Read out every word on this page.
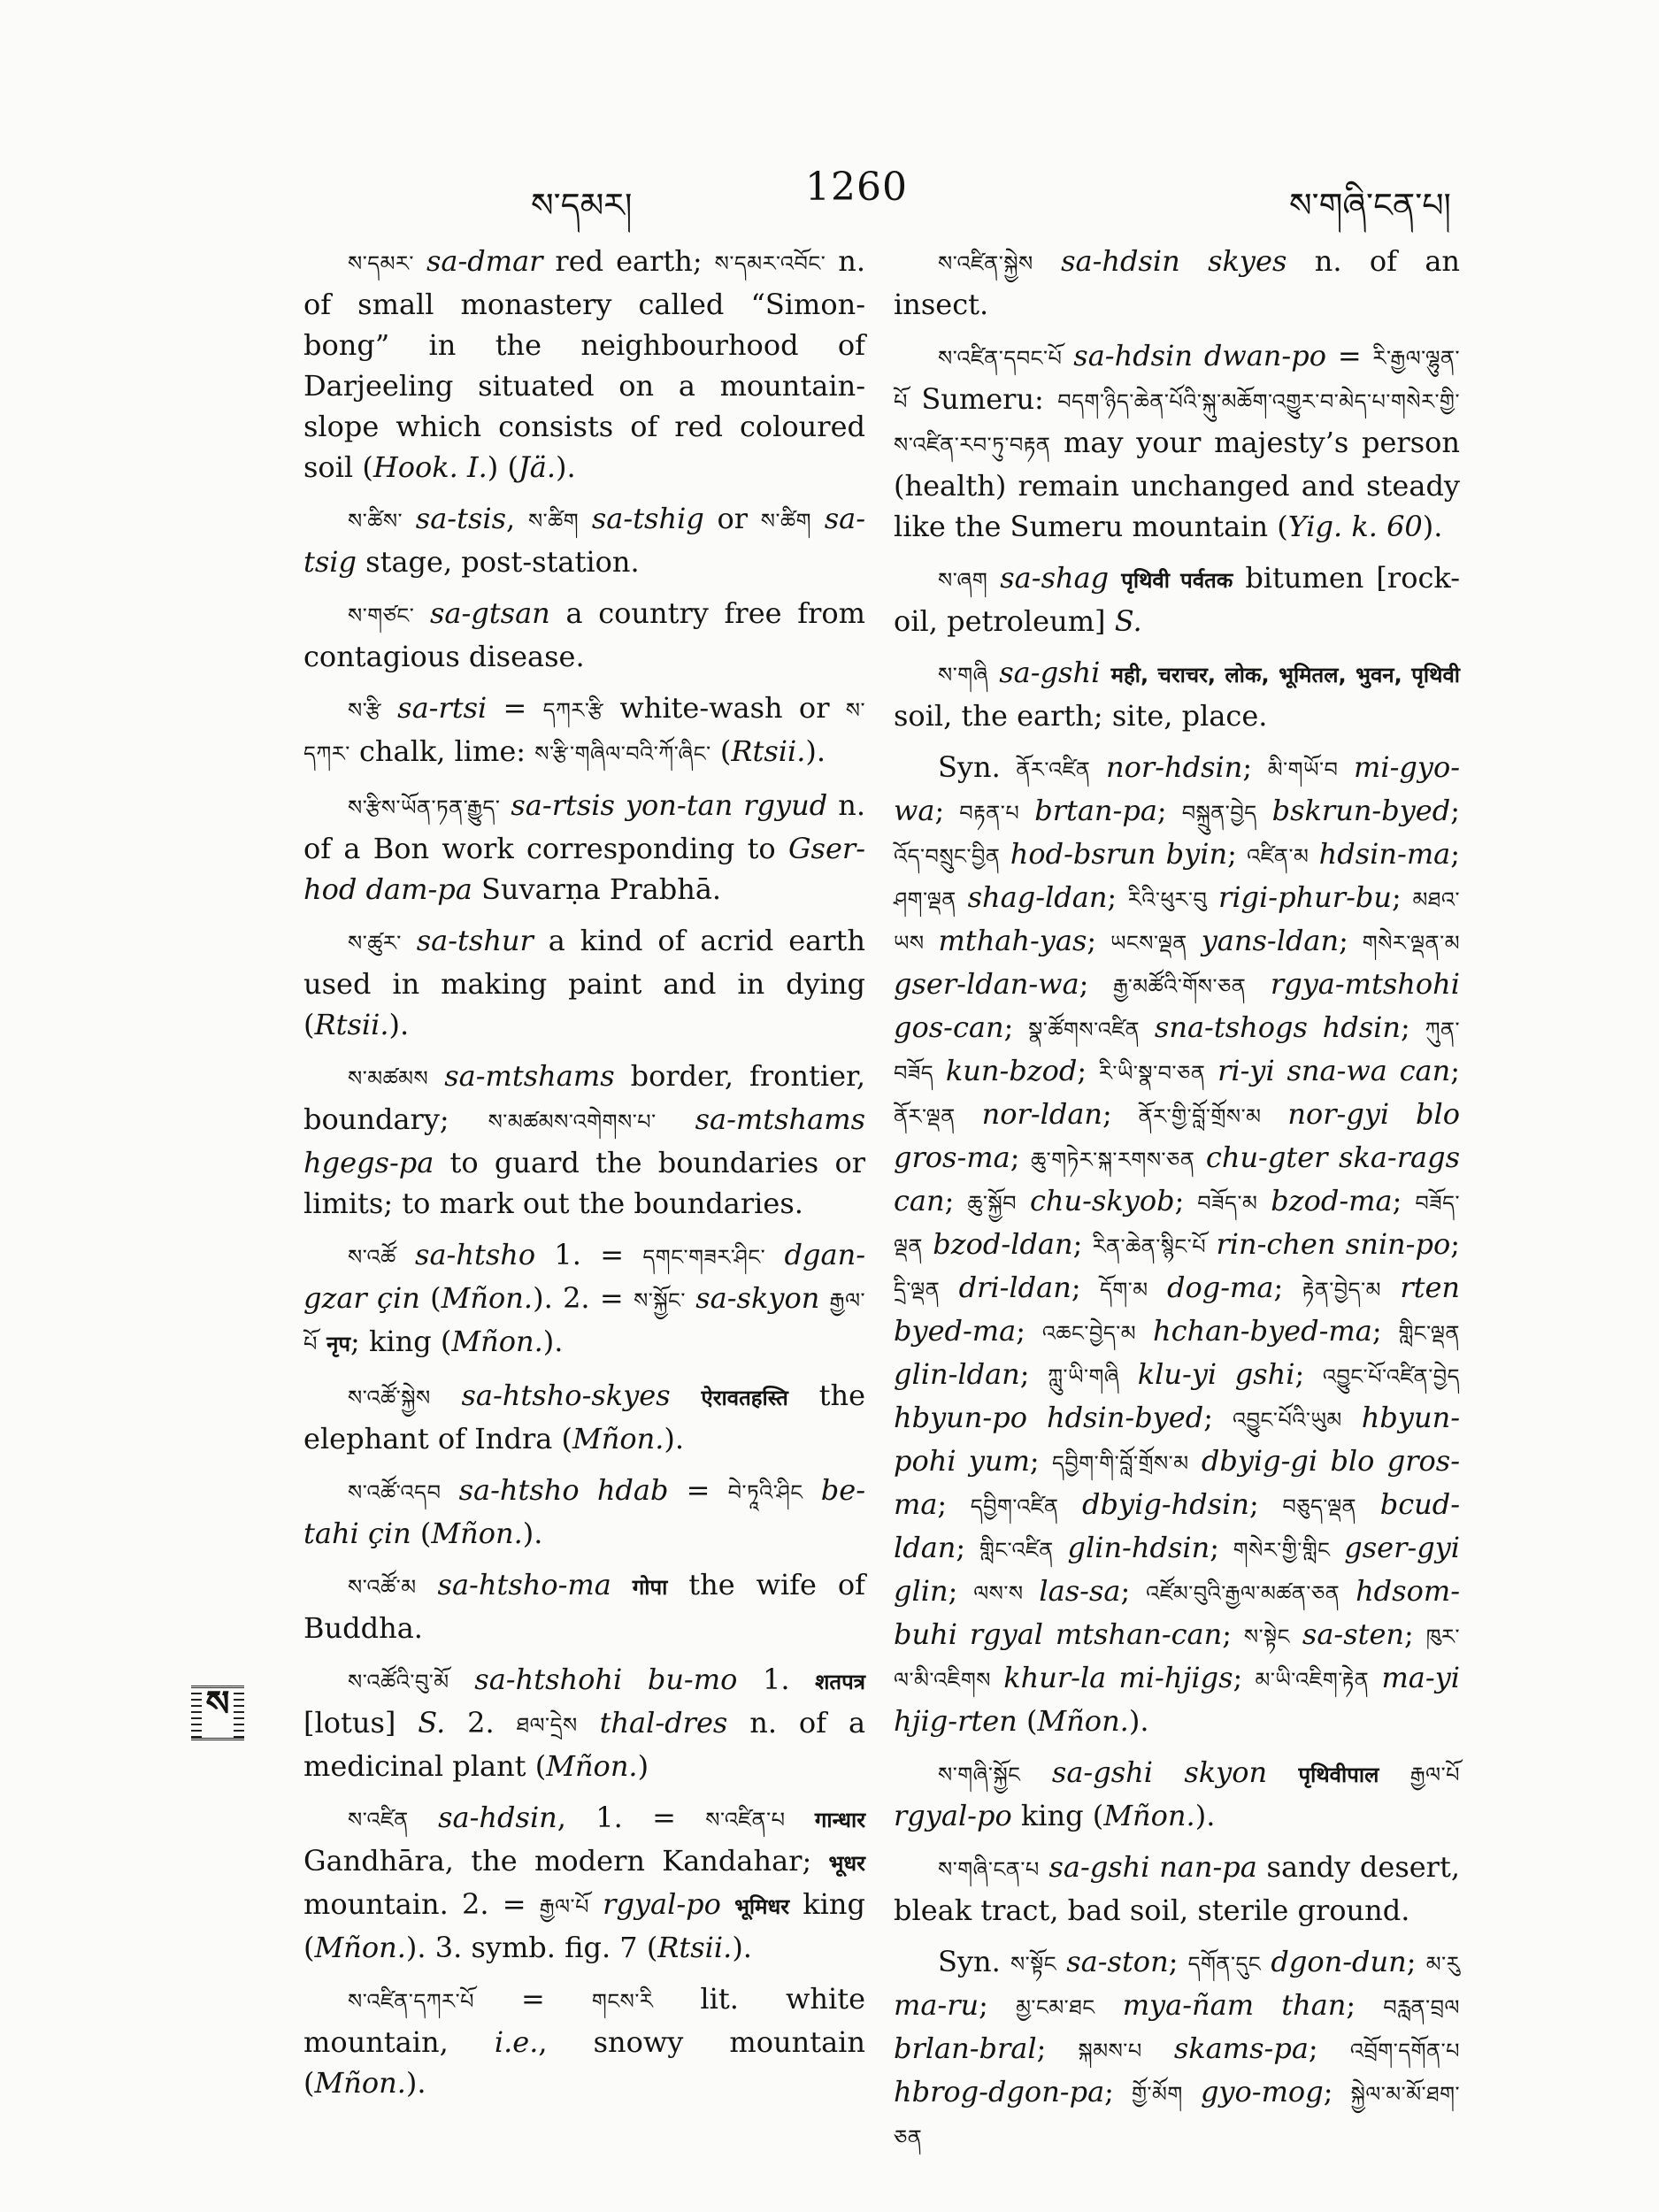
ས་དམར།	1260	ས་གཞི་ངན་པ།

ས་དམར་ sa-dmar red earth; ས་དམར་འབོང་ n. of small monastery called “Simon-bong” in the neighbourhood of Darjeeling situated on a mountain-slope which consists of red coloured soil (Hook. I.) (Jä.).

ས་ཚིས་ sa-tsis, ས་ཚིག sa-tshig or ས་ཚིག sa-tsig stage, post-station.

ས་གཙང་ sa-gtsan a country free from contagious disease.

ས་རྩི sa-rtsi = དཀར་རྩི white-wash or ས་དཀར་ chalk, lime: ས་རྩི་གཞིལ་བའི་ཀོ་ཞིང་ (Rtsii.).

ས་རྩིས་ཡོན་ཏན་རྒྱུད་ sa-rtsis yon-tan rgyud n. of a Bon work corresponding to Gser-hod dam-pa Suvarṇa Prabhā.

ས་ཚུར་ sa-tshur a kind of acrid earth used in making paint and in dying (Rtsii.).

ས་མཚམས sa-mtshams border, frontier, boundary; ས་མཚམས་འགེགས་པ་ sa-mtshams hgegs-pa to guard the boundaries or limits; to mark out the boundaries.

ས་འཚོ sa-htsho 1. = དགང་གཟར་ཤིང་ dgan-gzar çin (Mñon.). 2. = ས་སྐྱོང་ sa-skyon རྒྱལ་པོ नृप; king (Mñon.).

ས་འཚོ་སྐྱེས sa-htsho-skyes ऐरावतहस्ति the elephant of Indra (Mñon.).

ས་འཚོ་འདབ sa-htsho hdab = བེ་ཏཱའི་ཤིང be-tahi çin (Mñon.).

ས་འཚོ་མ sa-htsho-ma गोपा the wife of Buddha.

ས་འཚོའི་བུ་མོ sa-htshohi bu-mo 1. शतपत्र [lotus] S. 2. ཐལ་དྲེས thal-dres n. of a medicinal plant (Mñon.)

ས་འཛིན sa-hdsin, 1. = ས་འཛིན་པ गान्धार Gandhāra, the modern Kandahar; भूधर mountain. 2. = རྒྱལ་པོ rgyal-po भूमिधर king (Mñon.). 3. symb. fig. 7 (Rtsii.).

ས་འཛིན་དཀར་པོ = གངས་རི lit. white mountain, i.e., snowy mountain (Mñon.).

ས་འཛིན་སྐྱེས sa-hdsin skyes n. of an insect.

ས་འཛིན་དབང་པོ sa-hdsin dwan-po = རི་རྒྱལ་ལྷུན་པོ Sumeru: བདག་ཉིད་ཆེན་པོའི་སྐུ་མཆོག་འགྱུར་བ་མེད་པ་གསེར་གྱི་ས་འཛིན་རབ་ཏུ་བརྟན may your majesty’s person (health) remain unchanged and steady like the Sumeru mountain (Yig. k. 60).

ས་ཞག sa-shag पृथिवी पर्वतक bitumen [rock-oil, petroleum] S.

ས་གཞི sa-gshi मही, चराचर, लोक, भूमितल, भुवन, पृथिवी soil, the earth; site, place.

Syn. ནོར་འཛིན nor-hdsin; མི་གཡོ་བ mi-gyo-wa; བརྟན་པ brtan-pa; བསྐྲུན་བྱེད bskrun-byed; འོད་བསྲུང་བྱིན hod-bsrun byin; འཛིན་མ hdsin-ma; ཤག་ལྡན shag-ldan; རིའི་ཕུར་བུ rigi-phur-bu; མཐའ་ཡས mthah-yas; ཡངས་ལྡན yans-ldan; གསེར་ལྡན་མ gser-ldan-wa; རྒྱ་མཚོའི་གོས་ཅན rgya-mtshohi gos-can; སྣ་ཚོགས་འཛིན sna-tshogs hdsin; ཀུན་བཟོད kun-bzod; རི་ཡི་སྣ་བ་ཅན ri-yi sna-wa can; ནོར་ལྡན nor-ldan; ནོར་གྱི་བློ་གྲོས་མ nor-gyi blo gros-ma; ཆུ་གཏེར་སྐ་རགས་ཅན chu-gter ska-rags can; ཆུ་སྐྱོབ chu-skyob; བཟོད་མ bzod-ma; བཟོད་ལྡན bzod-ldan; རིན་ཆེན་སྙིང་པོ rin-chen snin-po; དྲི་ལྡན dri-ldan; དོག་མ dog-ma; རྟེན་བྱེད་མ rten byed-ma; འཆང་བྱེད་མ hchan-byed-ma; གླིང་ལྡན glin-ldan; ཀླུ་ཡི་གཞི klu-yi gshi; འབྱུང་པོ་འཛིན་བྱེད hbyun-po hdsin-byed; འབྱུང་པོའི་ཡུམ hbyun-pohi yum; དབྱིག་གི་བློ་གྲོས་མ dbyig-gi blo gros-ma; དབྱིག་འཛིན dbyig-hdsin; བཅུད་ལྡན bcud-ldan; གླིང་འཛིན glin-hdsin; གསེར་གྱི་གླིང gser-gyi glin; ལས་ས las-sa; འཛོམ་བུའི་རྒྱལ་མཚན་ཅན hdsom-buhi rgyal mtshan-can; ས་སྟེང sa-sten; ཁུར་ལ་མི་འཇིགས khur-la mi-hjigs; མ་ཡི་འཇིག་རྟེན ma-yi hjig-rten (Mñon.).

ས་གཞི་སྐྱོང sa-gshi skyon पृथिवीपाल རྒྱལ་པོ rgyal-po king (Mñon.).

ས་གཞི་ངན་པ sa-gshi nan-pa sandy desert, bleak tract, bad soil, sterile ground.

Syn. ས་སྟོང sa-ston; དགོན་དུང dgon-dun; མ་རུ ma-ru; མྱ་ངམ་ཐང mya-ñam than; བརླན་བྲལ brlan-bral; སྐམས་པ skams-pa; འབྲོག་དགོན་པ hbrog-dgon-pa; གྱོ་མོག gyo-mog; སྐྱེལ་མ་མོ་ཐག་ཅན

ས
